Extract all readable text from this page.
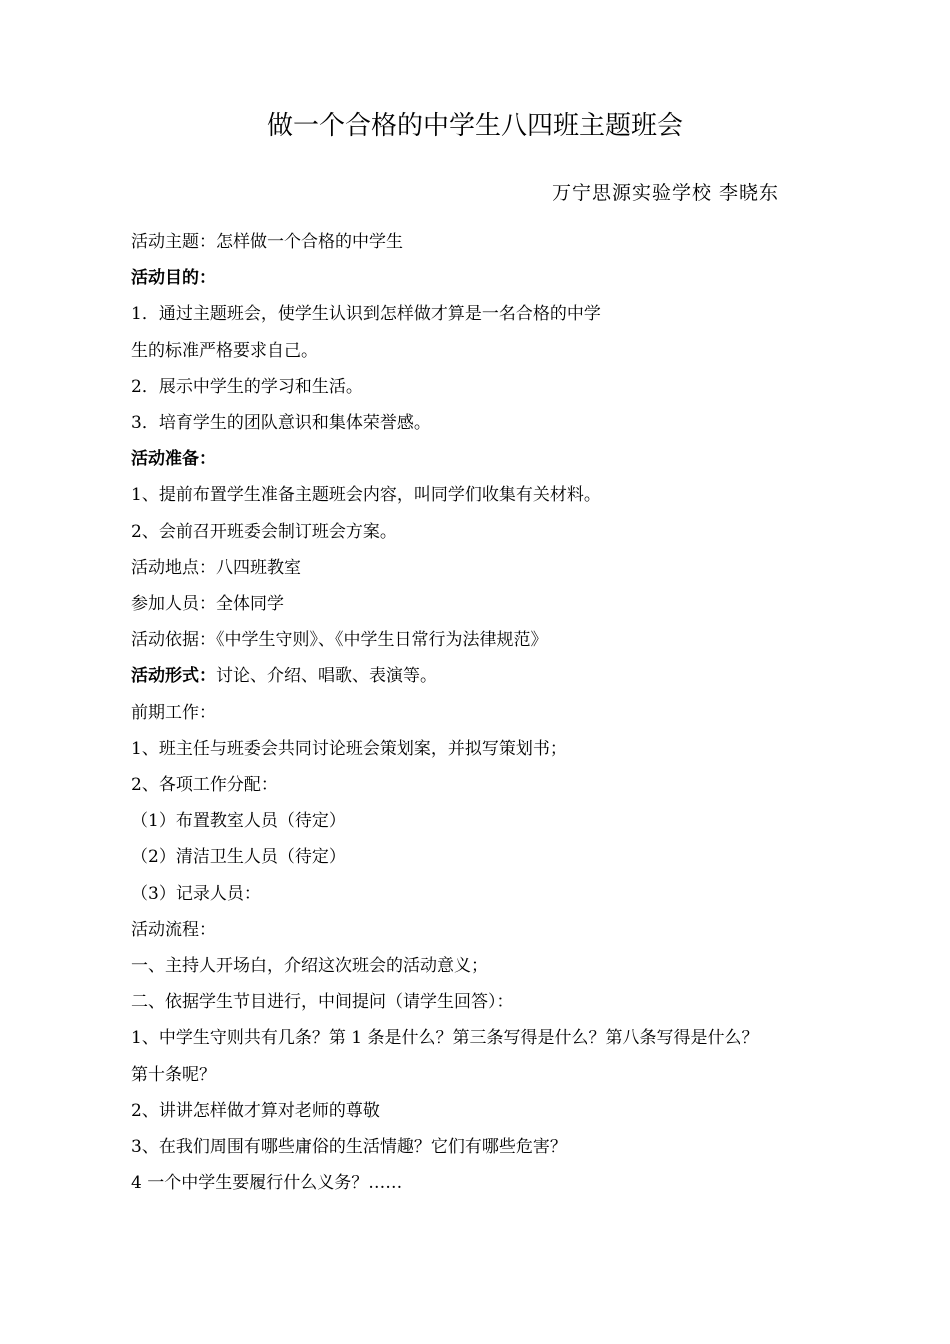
做一个合格的中学生八四班主题班会
万宁思源实验学校 李晓东
活动主题：怎样做一个合格的中学生
活动目的：
1．通过主题班会，使学生认识到怎样做才算是一名合格的中学
生的标准严格要求自己。
2．展示中学生的学习和生活。
3．培育学生的团队意识和集体荣誉感。
活动准备：
1、提前布置学生准备主题班会内容，叫同学们收集有关材料。
2、会前召开班委会制订班会方案。
活动地点：八四班教室
参加人员：全体同学
活动依据：《中学生守则》、《中学生日常行为法律规范》
活动形式：讨论、介绍、唱歌、表演等。
前期工作：
1、班主任与班委会共同讨论班会策划案，并拟写策划书；
2、各项工作分配：
（1）布置教室人员（待定）
（2）清洁卫生人员（待定）
（3）记录人员：
活动流程：
一、主持人开场白，介绍这次班会的活动意义；
二、依据学生节目进行，中间提问（请学生回答）：
1、中学生守则共有几条？第 1 条是什么？第三条写得是什么？第八条写得是什么？
第十条呢？
2、讲讲怎样做才算对老师的尊敬
3、在我们周围有哪些庸俗的生活情趣？它们有哪些危害？
4 一个中学生要履行什么义务？……
